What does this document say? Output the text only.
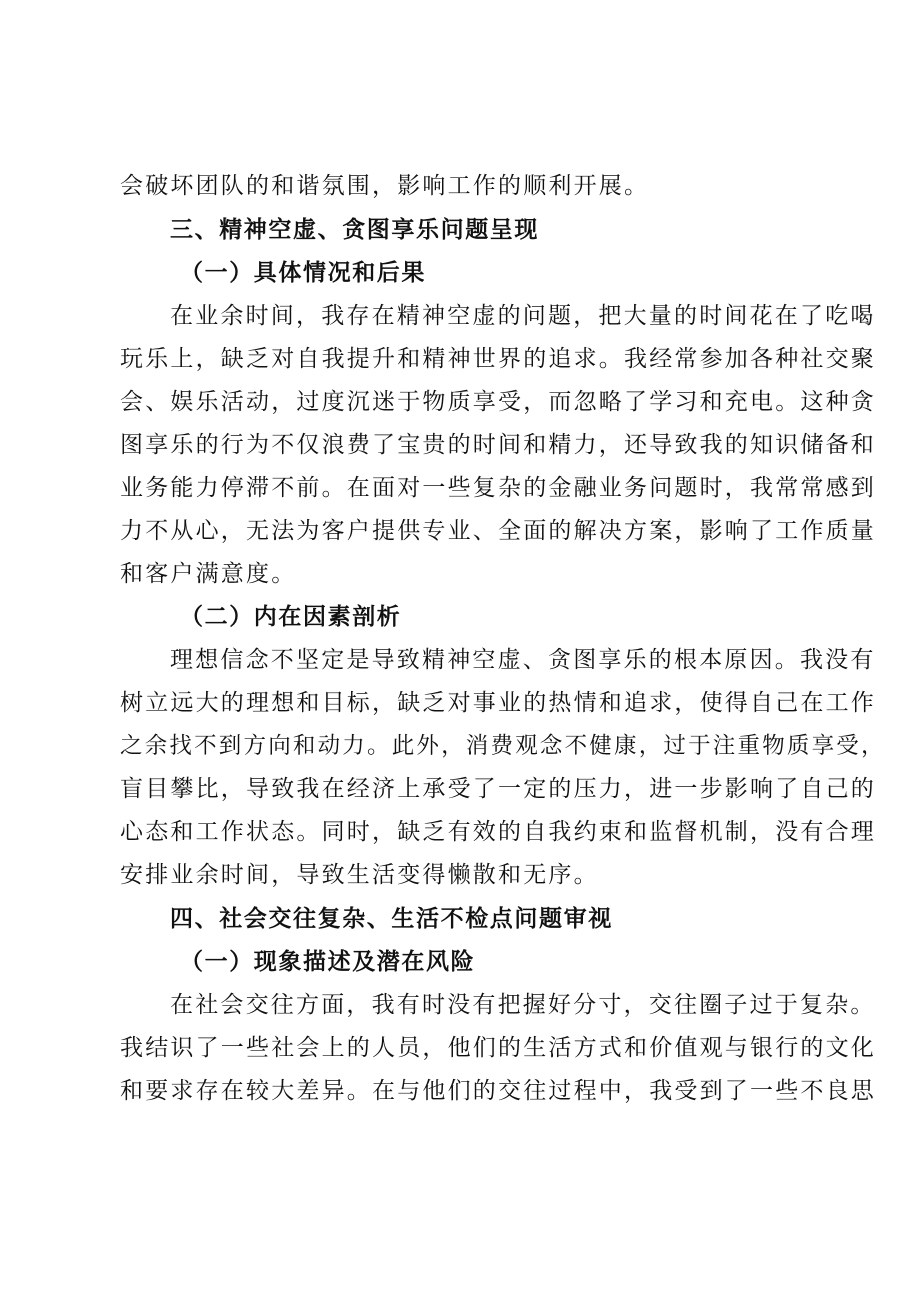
会破坏团队的和谐氛围，影响工作的顺利开展。
三、精神空虚、贪图享乐问题呈现
（一）具体情况和后果
在业余时间，我存在精神空虚的问题，把大量的时间花在了吃喝
玩乐上，缺乏对自我提升和精神世界的追求。我经常参加各种社交聚
会、娱乐活动，过度沉迷于物质享受，而忽略了学习和充电。这种贪
图享乐的行为不仅浪费了宝贵的时间和精力，还导致我的知识储备和
业务能力停滞不前。在面对一些复杂的金融业务问题时，我常常感到
力不从心，无法为客户提供专业、全面的解决方案，影响了工作质量
和客户满意度。
（二）内在因素剖析
理想信念不坚定是导致精神空虚、贪图享乐的根本原因。我没有
树立远大的理想和目标，缺乏对事业的热情和追求，使得自己在工作
之余找不到方向和动力。此外，消费观念不健康，过于注重物质享受，
盲目攀比，导致我在经济上承受了一定的压力，进一步影响了自己的
心态和工作状态。同时，缺乏有效的自我约束和监督机制，没有合理
安排业余时间，导致生活变得懒散和无序。
四、社会交往复杂、生活不检点问题审视
（一）现象描述及潜在风险
在社会交往方面，我有时没有把握好分寸，交往圈子过于复杂。
我结识了一些社会上的人员，他们的生活方式和价值观与银行的文化
和要求存在较大差异。在与他们的交往过程中，我受到了一些不良思
